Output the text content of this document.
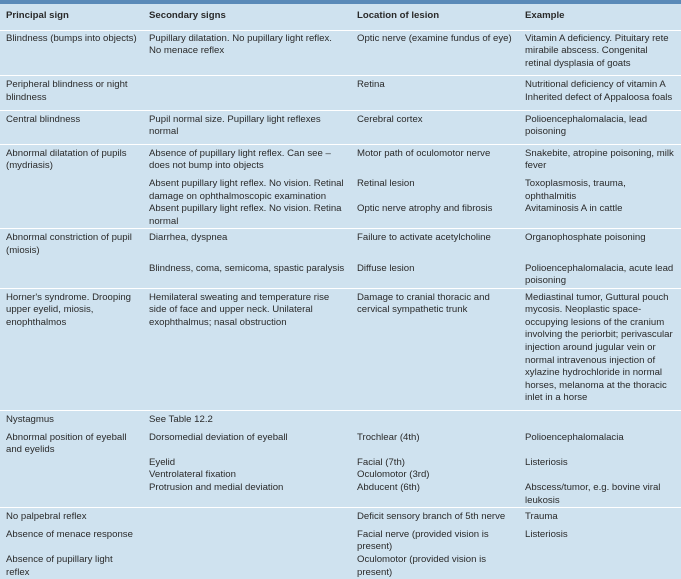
Principal sign	Secondary signs	Location of lesion	Example
Blindness (bumps into objects)	Pupillary dilatation. No pupillary light reflex. No menace reflex	Optic nerve (examine fundus of eye)	Vitamin A deficiency. Pituitary rete mirabile abscess. Congenital retinal dysplasia of goats
Peripheral blindness or night blindness		Retina	Nutritional deficiency of vitamin A Inherited defect of Appaloosa foals
Central blindness	Pupil normal size. Pupillary light reflexes normal	Cerebral cortex	Polioencephalomalacia, lead poisoning
Abnormal dilatation of pupils (mydriasis)	Absence of pupillary light reflex. Can see – does not bump into objects	Motor path of oculomotor nerve	Snakebite, atropine poisoning, milk fever
	Absent pupillary light reflex. No vision. Retinal damage on ophthalmoscopic examination	Retinal lesion	Toxoplasmosis, trauma, ophthalmitis
	Absent pupillary light reflex. No vision. Retina normal	Optic nerve atrophy and fibrosis	Avitaminosis A in cattle
Abnormal constriction of pupil (miosis)	Diarrhea, dyspnea	Failure to activate acetylcholine	Organophosphate poisoning
	Blindness, coma, semicoma, spastic paralysis	Diffuse lesion	Polioencephalomalacia, acute lead poisoning
Horner's syndrome. Drooping upper eyelid, miosis, enophthalmos	Hemilateral sweating and temperature rise side of face and upper neck. Unilateral exophthalmus; nasal obstruction	Damage to cranial thoracic and cervical sympathetic trunk	Mediastinal tumor, Guttural pouch mycosis. Neoplastic space-occupying lesions of the cranium involving the periorbit; perivascular injection around jugular vein or normal intravenous injection of xylazine hydrochloride in normal horses, melanoma at the thoracic inlet in a horse
Nystagmus	See Table 12.2		
Abnormal position of eyeball and eyelids	Dorsomedial deviation of eyeball	Trochlear (4th)	Polioencephalomalacia
	Eyelid	Facial (7th)	Listeriosis
	Ventrolateral fixation	Oculomotor (3rd)	
	Protrusion and medial deviation	Abducent (6th)	Abscess/tumor, e.g. bovine viral leukosis
No palpebral reflex		Deficit sensory branch of 5th nerve	Trauma
Absence of menace response		Facial nerve (provided vision is present)	Listeriosis
Absence of pupillary light reflex		Oculomotor (provided vision is present)	
